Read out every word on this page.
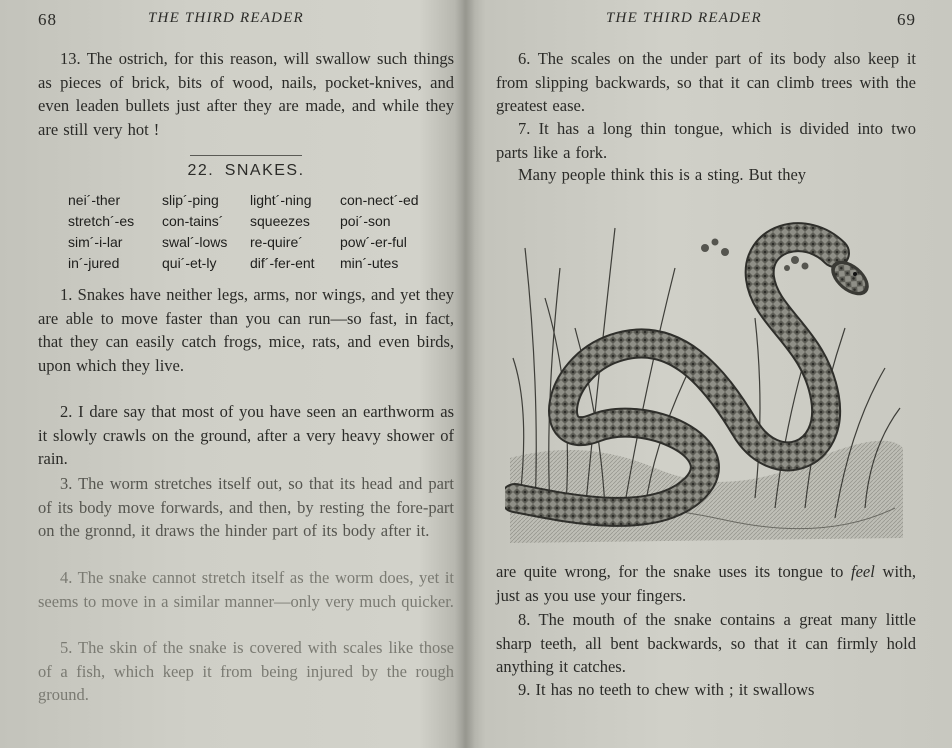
68	THE THIRD READER

13. The ostrich, for this reason, will swallow such things as pieces of brick, bits of wood, nails, pocket-knives, and even leaden bullets just after they are made, and while they are still very hot !

22. SNAKES.
nei´-ther	slip´-ping	light´-ning	con-nect´-ed
stretch´-es	con-tains´	squeezes	poi´-son
sim´-i-lar	swal´-lows	re-quire´	pow´-er-ful
in´-jured	qui´-et-ly	dif´-fer-ent	min´-utes

1. Snakes have neither legs, arms, nor wings, and yet they are able to move faster than you can run—so fast, in fact, that they can easily catch frogs, mice, rats, and even birds, upon which they live.

2. I dare say that most of you have seen an earthworm as it slowly crawls on the ground, after a very heavy shower of rain.

3. The worm stretches itself out, so that its head and part of its body move forwards, and then, by resting the fore-part on the gronnd, it draws the hinder part of its body after it.

4. The snake cannot stretch itself as the worm does, yet it seems to move in a similar manner—only very much quicker.

5. The skin of the snake is covered with scales like those of a fish, which keep it from being injured by the rough ground.

THE THIRD READER	69

6. The scales on the under part of its body also keep it from slipping backwards, so that it can climb trees with the greatest ease.

7. It has a long thin tongue, which is divided into two parts like a fork.

Many people think this is a sting. But they

are quite wrong, for the snake uses its tongue to feel with, just as you use your fingers.

8. The mouth of the snake contains a great many little sharp teeth, all bent backwards, so that it can firmly hold anything it catches.

9. It has no teeth to chew with ; it swallows
